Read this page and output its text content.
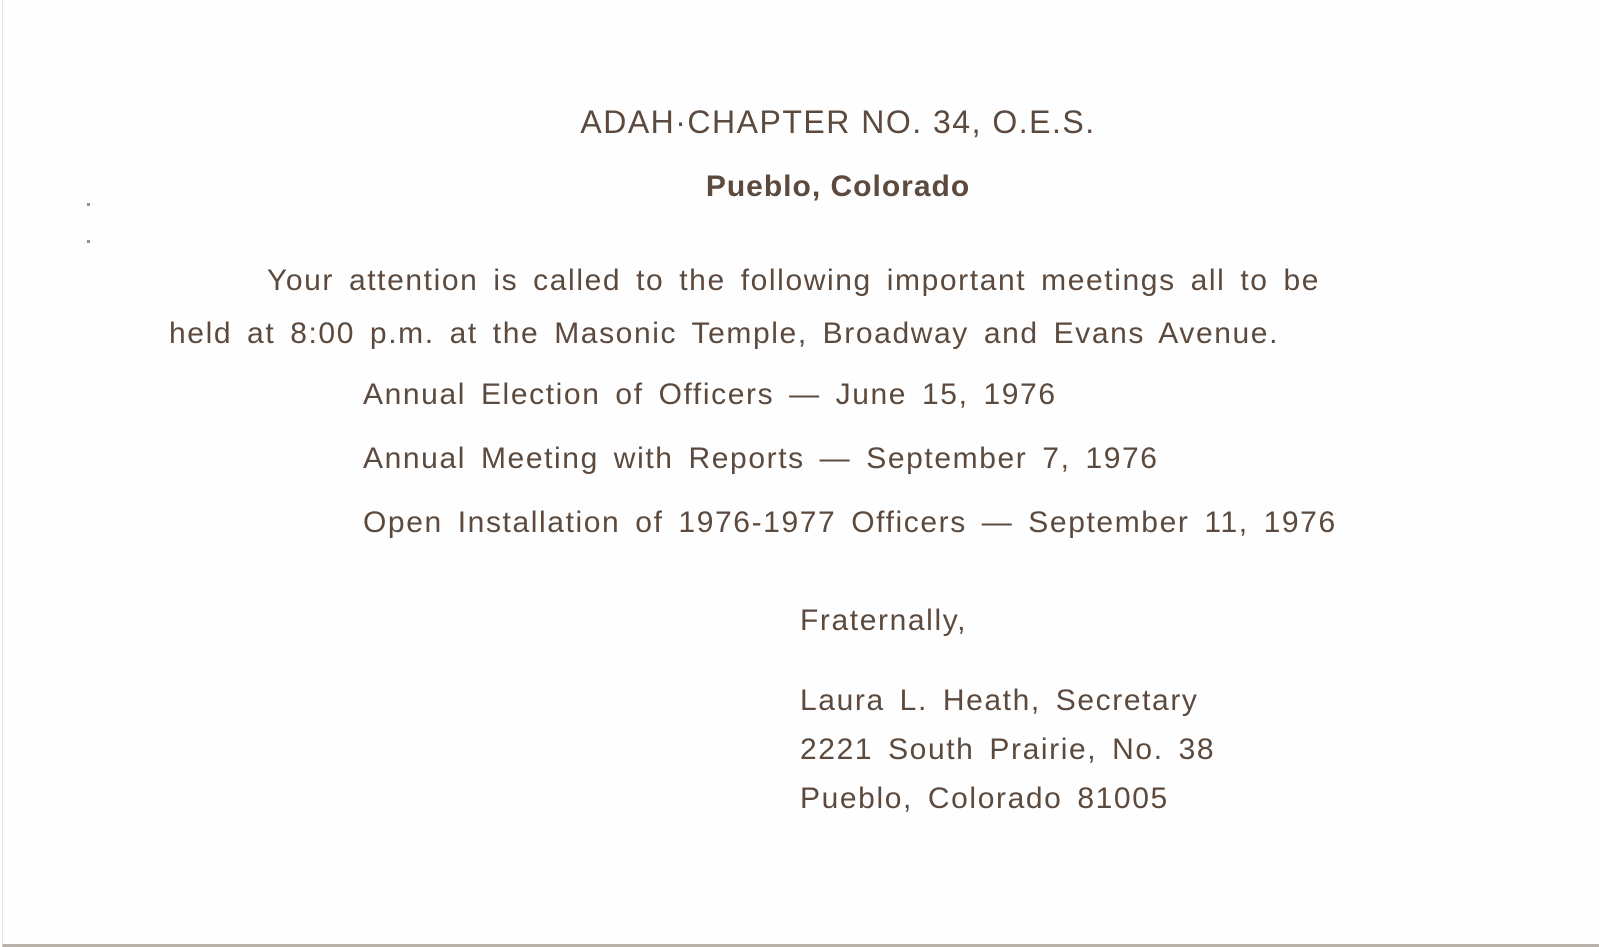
ADAH·CHAPTER NO. 34, O.E.S.
Pueblo, Colorado
Your attention is called to the following important meetings all to be
held at 8:00 p.m. at the Masonic Temple, Broadway and Evans Avenue.
Annual Election of Officers — June 15, 1976
Annual Meeting with Reports — September 7, 1976
Open Installation of 1976-1977 Officers — September 11, 1976
Fraternally,
Laura L. Heath, Secretary
2221 South Prairie, No. 38
Pueblo, Colorado 81005
